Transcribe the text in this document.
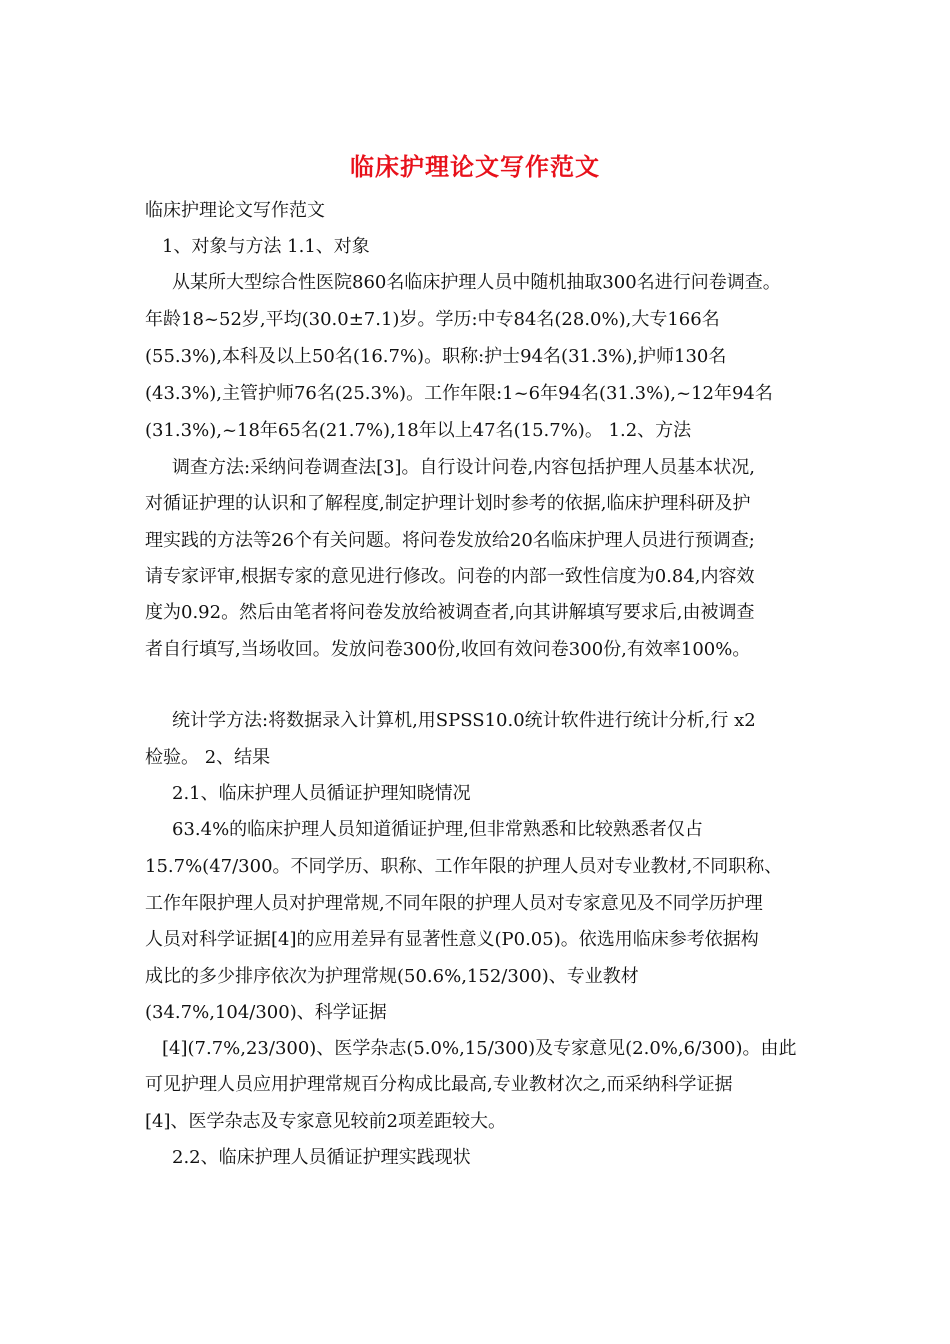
临床护理论文写作范文
临床护理论文写作范文
1、对象与方法 1.1、对象
从某所大型综合性医院860名临床护理人员中随机抽取300名进行问卷调查。
年龄18~52岁,平均(30.0±7.1)岁。学历:中专84名(28.0%),大专166名
(55.3%),本科及以上50名(16.7%)。职称:护士94名(31.3%),护师130名
(43.3%),主管护师76名(25.3%)。工作年限:1~6年94名(31.3%),~12年94名
(31.3%),~18年65名(21.7%),18年以上47名(15.7%)。 1.2、方法
调查方法:采纳问卷调查法[3]。自行设计问卷,内容包括护理人员基本状况,
对循证护理的认识和了解程度,制定护理计划时参考的依据,临床护理科研及护
理实践的方法等26个有关问题。将问卷发放给20名临床护理人员进行预调查;
请专家评审,根据专家的意见进行修改。问卷的内部一致性信度为0.84,内容效
度为0.92。然后由笔者将问卷发放给被调查者,向其讲解填写要求后,由被调查
者自行填写,当场收回。发放问卷300份,收回有效问卷300份,有效率100%。
统计学方法:将数据录入计算机,用SPSS10.0统计软件进行统计分析,行 x2
检验。 2、结果
2.1、临床护理人员循证护理知晓情况
63.4%的临床护理人员知道循证护理,但非常熟悉和比较熟悉者仅占
15.7%(47/300。不同学历、职称、工作年限的护理人员对专业教材,不同职称、
工作年限护理人员对护理常规,不同年限的护理人员对专家意见及不同学历护理
人员对科学证据[4]的应用差异有显著性意义(P0.05)。依选用临床参考依据构
成比的多少排序依次为护理常规(50.6%,152/300)、专业教材
(34.7%,104/300)、科学证据
[4](7.7%,23/300)、医学杂志(5.0%,15/300)及专家意见(2.0%,6/300)。由此
可见护理人员应用护理常规百分构成比最高,专业教材次之,而采纳科学证据
[4]、医学杂志及专家意见较前2项差距较大。
2.2、临床护理人员循证护理实践现状
